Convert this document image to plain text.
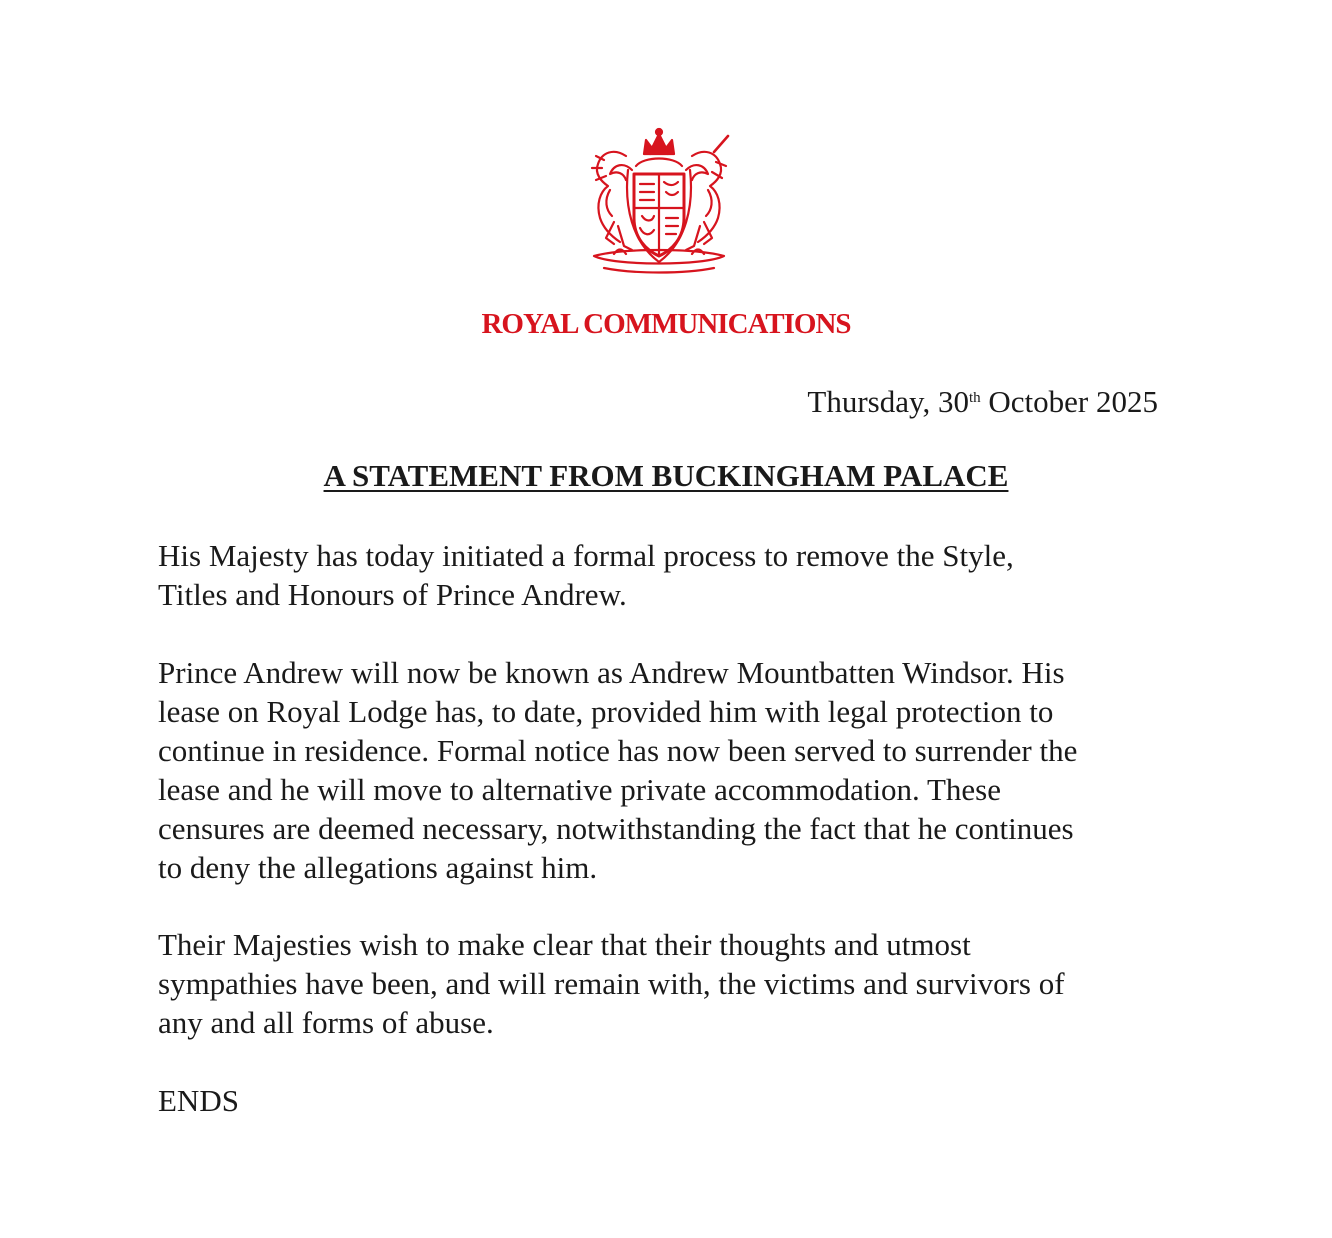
ROYAL COMMUNICATIONS
Thursday, 30th October 2025
A STATEMENT FROM BUCKINGHAM PALACE

His Majesty has today initiated a formal process to remove the Style,
Titles and Honours of Prince Andrew.

Prince Andrew will now be known as Andrew Mountbatten Windsor. His
lease on Royal Lodge has, to date, provided him with legal protection to
continue in residence. Formal notice has now been served to surrender the
lease and he will move to alternative private accommodation. These
censures are deemed necessary, notwithstanding the fact that he continues
to deny the allegations against him.

Their Majesties wish to make clear that their thoughts and utmost
sympathies have been, and will remain with, the victims and survivors of
any and all forms of abuse.

ENDS
